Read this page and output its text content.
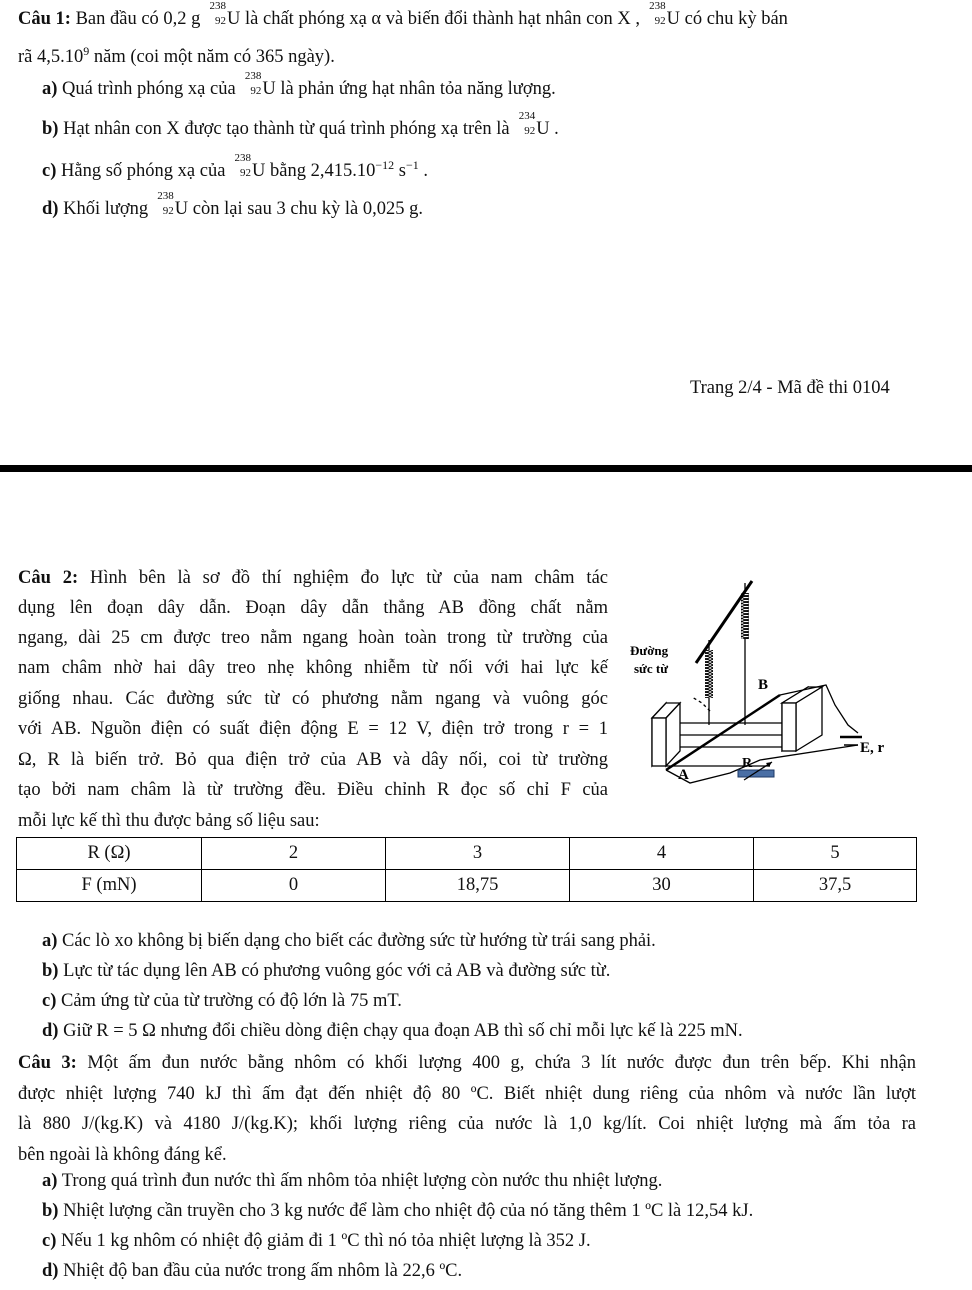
Câu 1: Ban đầu có 0,2 g
238
92 U là chất phóng xạ α và biến đổi thành hạt nhân con X ,
238
92 U có chu kỳ bán
rã 4,5.10$^9$ năm (coi một năm có 365 ngày).
a) Quá trình phóng xạ của
238
92 U là phản ứng hạt nhân tỏa năng lượng.
b) Hạt nhân con X được tạo thành từ quá trình phóng xạ trên là
234
92 U .
c) Hằng số phóng xạ của
238
92 U bằng $2,415.10^{-12}$ $s^{-1}$ .
d) Khối lượng
238
92 U còn lại sau 3 chu kỳ là 0,025 g.
Trang 2/4 - Mã đề thi 0104
Câu 2: Hình bên là sơ đồ thí nghiệm đo lực từ của nam châm tác
dụng lên đoạn dây dẫn. Đoạn dây dẫn thẳng AB đồng chất nằm
ngang, dài 25 cm được treo nằm ngang hoàn toàn trong từ trường của
nam châm nhờ hai dây treo nhẹ không nhiễm từ nối với hai lực kế
giống nhau. Các đường sức từ có phương nằm ngang và vuông góc
với AB. Nguồn điện có suất điện động E = 12 V, điện trở trong r = 1
Ω, R là biến trở. Bỏ qua điện trở của AB và dây nối, coi từ trường
tạo bởi nam châm là từ trường đều. Điều chỉnh R đọc số chỉ F của
mỗi lực kế thì thu được bảng số liệu sau:
Đường
sức từ
B
A
R
E, r
R (Ω)	2	3	4	5
F (mN)	0	18,75	30	37,5
a) Các lò xo không bị biến dạng cho biết các đường sức từ hướng từ trái sang phải.
b) Lực từ tác dụng lên AB có phương vuông góc với cả AB và đường sức từ.
c) Cảm ứng từ của từ trường có độ lớn là 75 mT.
d) Giữ R = 5 Ω nhưng đổi chiều dòng điện chạy qua đoạn AB thì số chỉ mỗi lực kế là 225 mN.
Câu 3: Một ấm đun nước bằng nhôm có khối lượng 400 g, chứa 3 lít nước được đun trên bếp. Khi nhận
được nhiệt lượng 740 kJ thì ấm đạt đến nhiệt độ 80 ºC. Biết nhiệt dung riêng của nhôm và nước lần lượt
là 880 J/(kg.K) và 4180 J/(kg.K); khối lượng riêng của nước là 1,0 kg/lít. Coi nhiệt lượng mà ấm tỏa ra
bên ngoài là không đáng kể.
a) Trong quá trình đun nước thì ấm nhôm tỏa nhiệt lượng còn nước thu nhiệt lượng.
b) Nhiệt lượng cần truyền cho 3 kg nước để làm cho nhiệt độ của nó tăng thêm 1 ºC là 12,54 kJ.
c) Nếu 1 kg nhôm có nhiệt độ giảm đi 1 ºC thì nó tỏa nhiệt lượng là 352 J.
d) Nhiệt độ ban đầu của nước trong ấm nhôm là 22,6 ºC.
